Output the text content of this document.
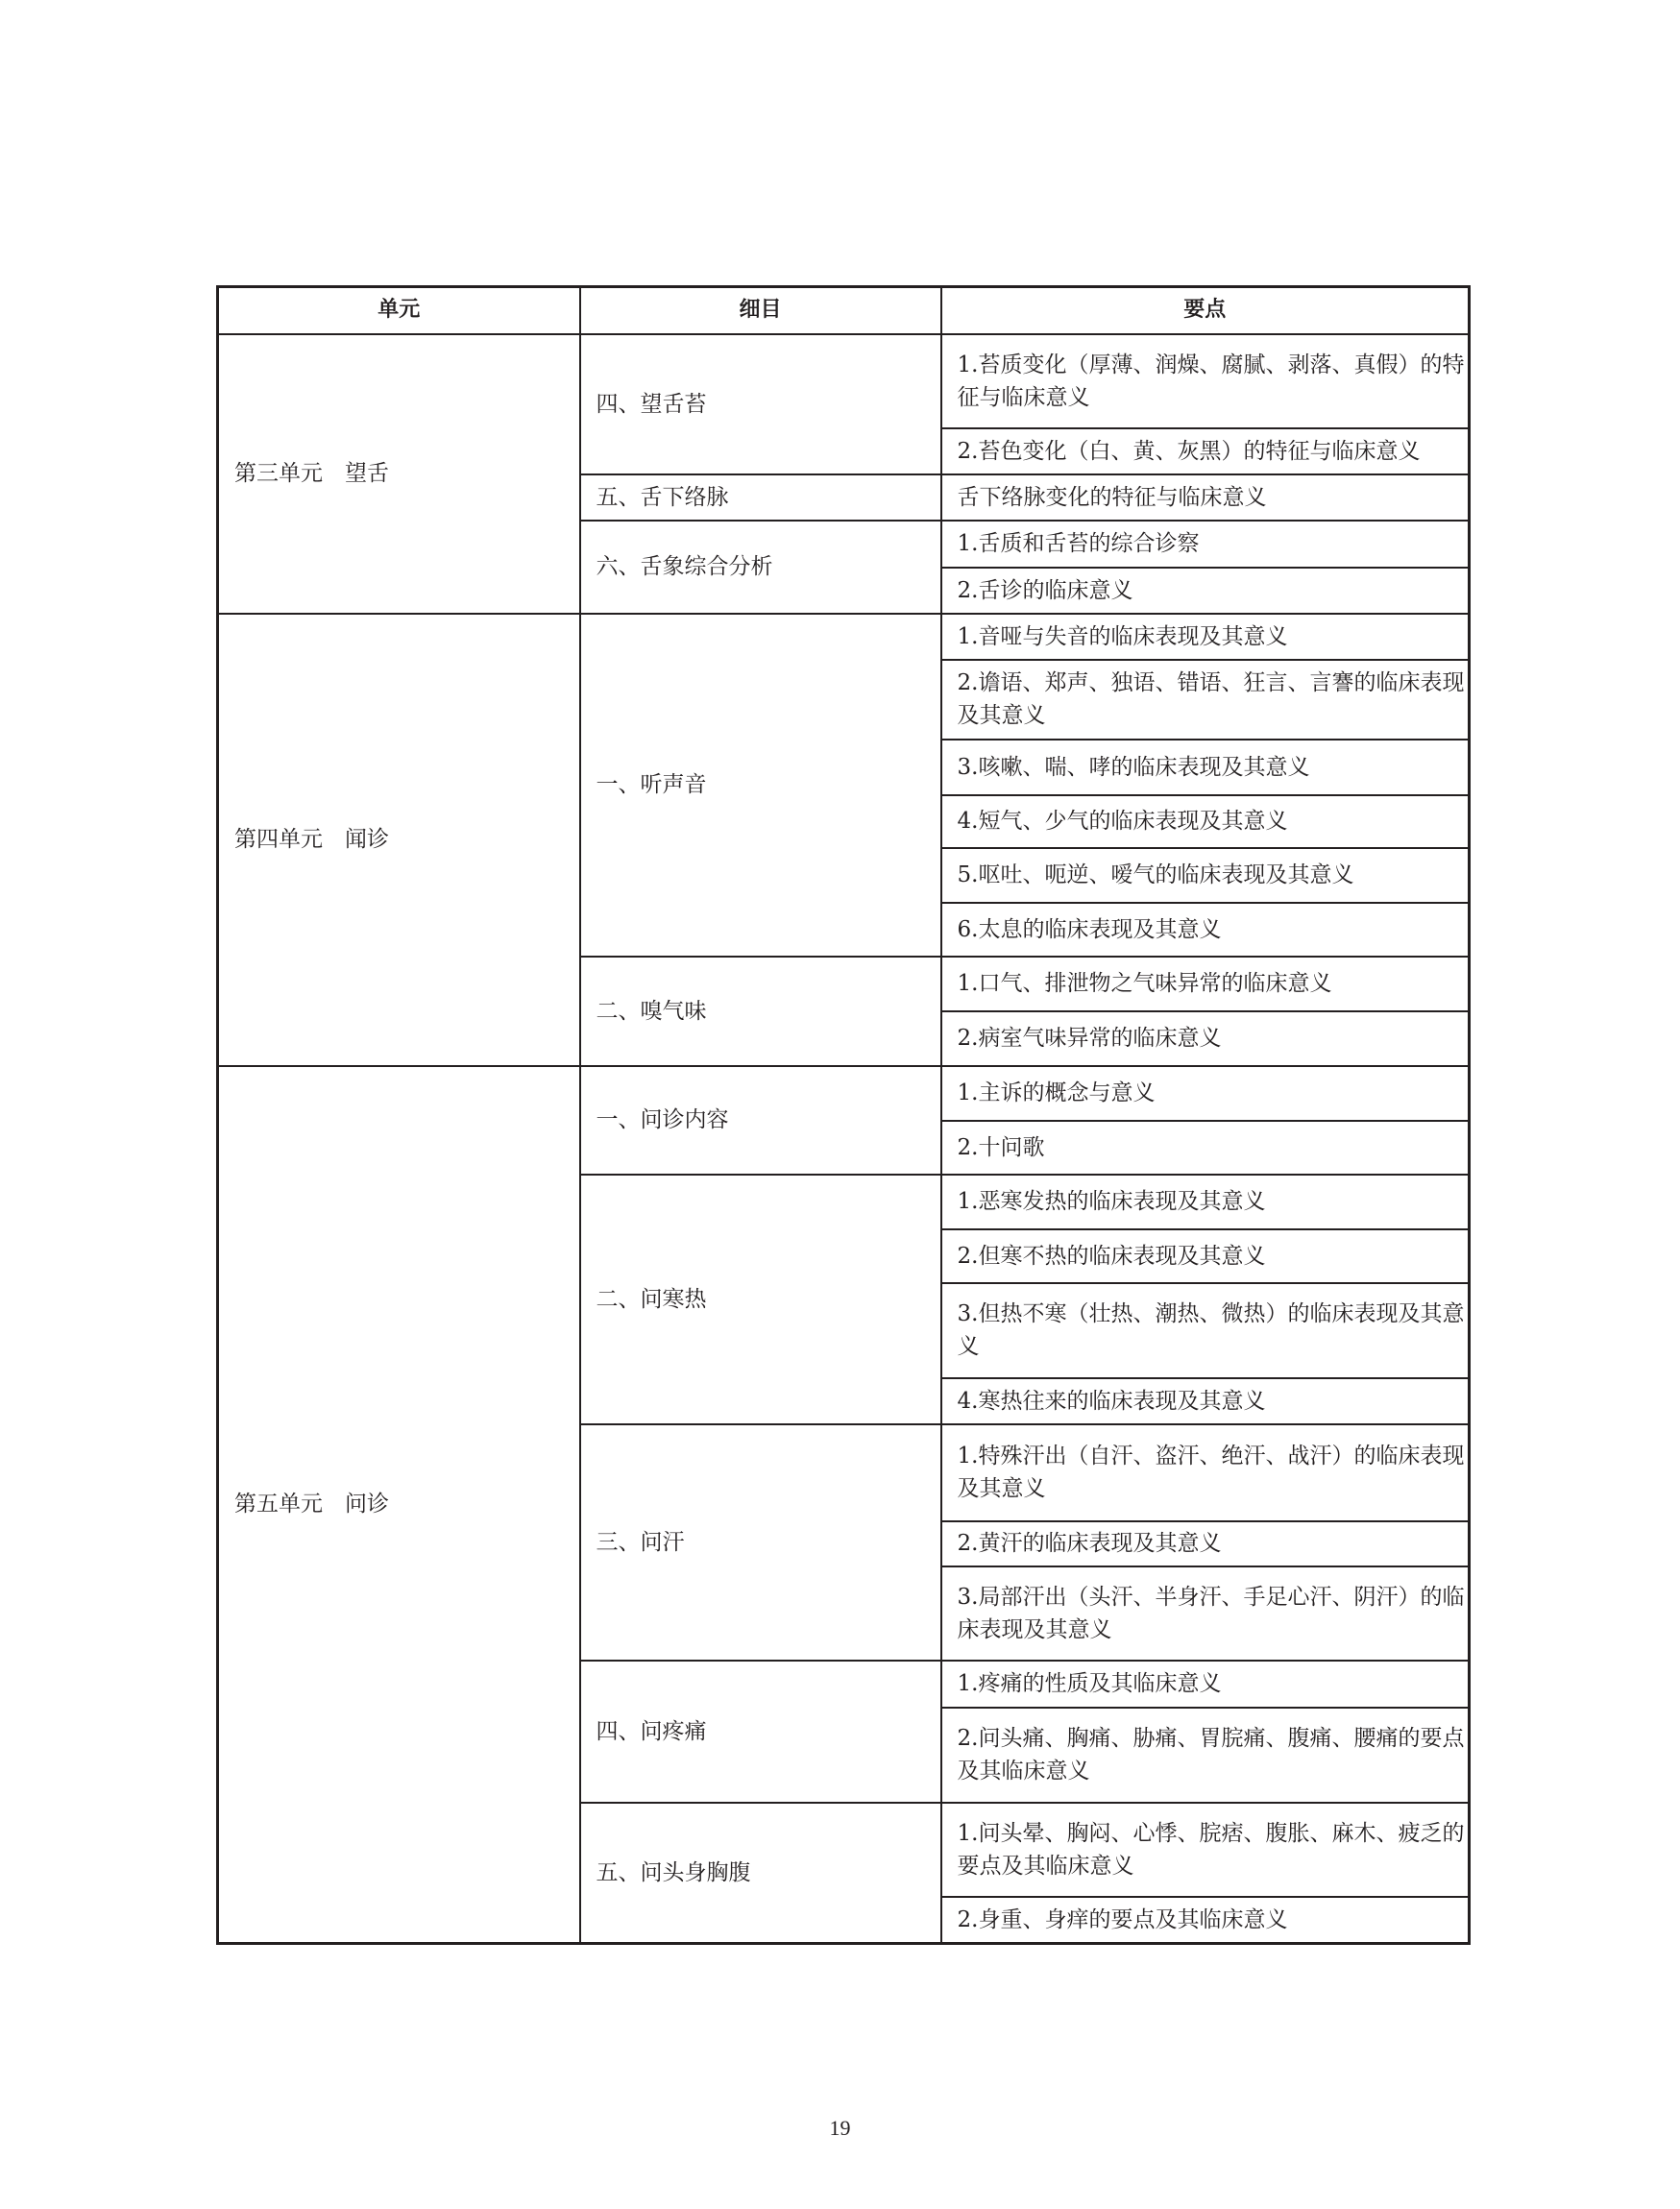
单元	细目	要点
第三单元　望舌	四、望舌苔	1.苔质变化（厚薄、润燥、腐腻、剥落、真假）的特征与临床意义
		2.苔色变化（白、黄、灰黑）的特征与临床意义
	五、舌下络脉	舌下络脉变化的特征与临床意义
	六、舌象综合分析	1.舌质和舌苔的综合诊察
		2.舌诊的临床意义
第四单元　闻诊	一、听声音	1.音哑与失音的临床表现及其意义
		2.谵语、郑声、独语、错语、狂言、言謇的临床表现及其意义
		3.咳嗽、喘、哮的临床表现及其意义
		4.短气、少气的临床表现及其意义
		5.呕吐、呃逆、嗳气的临床表现及其意义
		6.太息的临床表现及其意义
	二、嗅气味	1.口气、排泄物之气味异常的临床意义
		2.病室气味异常的临床意义
第五单元　问诊	一、问诊内容	1.主诉的概念与意义
		2.十问歌
	二、问寒热	1.恶寒发热的临床表现及其意义
		2.但寒不热的临床表现及其意义
		3.但热不寒（壮热、潮热、微热）的临床表现及其意义
		4.寒热往来的临床表现及其意义
	三、问汗	1.特殊汗出（自汗、盗汗、绝汗、战汗）的临床表现及其意义
		2.黄汗的临床表现及其意义
		3.局部汗出（头汗、半身汗、手足心汗、阴汗）的临床表现及其意义
	四、问疼痛	1.疼痛的性质及其临床意义
		2.问头痛、胸痛、胁痛、胃脘痛、腹痛、腰痛的要点及其临床意义
	五、问头身胸腹	1.问头晕、胸闷、心悸、脘痞、腹胀、麻木、疲乏的要点及其临床意义
		2.身重、身痒的要点及其临床意义
19
